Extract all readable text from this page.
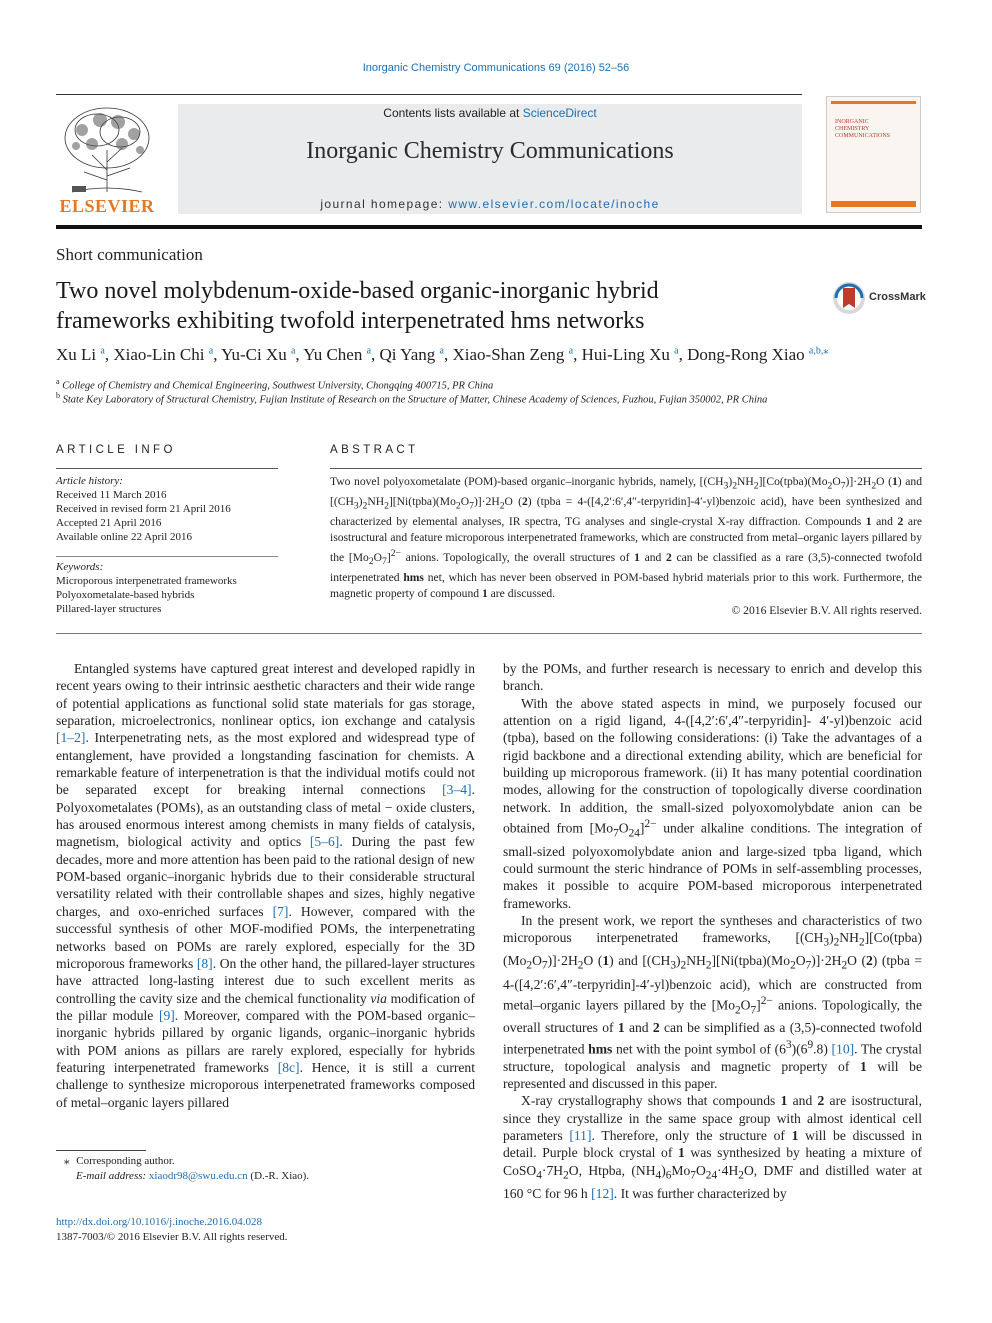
Inorganic Chemistry Communications 69 (2016) 52–56
ELSEVIER
Contents lists available at ScienceDirect
Inorganic Chemistry Communications
journal homepage: www.elsevier.com/locate/inoche
INORGANIC
CHEMISTRY
COMMUNICATIONS
Short communication
Two novel molybdenum-oxide-based organic-inorganic hybrid frameworks exhibiting twofold interpenetrated hms networks
CrossMark
Xu Li $^a$, Xiao-Lin Chi $^a$, Yu-Ci Xu $^a$, Yu Chen $^a$, Qi Yang $^a$, Xiao-Shan Zeng $^a$, Hui-Ling Xu $^a$, Dong-Rong Xiao $^{a,b,⁎}$
$^a$ College of Chemistry and Chemical Engineering, Southwest University, Chongqing 400715, PR China
$^b$ State Key Laboratory of Structural Chemistry, Fujian Institute of Research on the Structure of Matter, Chinese Academy of Sciences, Fuzhou, Fujian 350002, PR China
ARTICLE INFO
Article history:
Received 11 March 2016
Received in revised form 21 April 2016
Accepted 21 April 2016
Available online 22 April 2016
Keywords:
Microporous interpenetrated frameworks
Polyoxometalate-based hybrids
Pillared-layer structures
ABSTRACT
Two novel polyoxometalate (POM)-based organic–inorganic hybrids, namely, $[(CH_3)_2NH_2][Co(tpba)(Mo_2O_7)]\cdot 2H_2O$ (1) and $[(CH_3)_2NH_2][Ni(tpba)(Mo_2O_7)]\cdot 2H_2O$ (2) (tpba = 4-([4,2′:6′,4″-terpyridin]-4′-yl)benzoic acid), have been synthesized and characterized by elemental analyses, IR spectra, TG analyses and single-crystal X-ray diffraction. Compounds 1 and 2 are isostructural and feature microporous interpenetrated frameworks, which are constructed from metal–organic layers pillared by the $[Mo_2O_7]^{2-}$ anions. Topologically, the overall structures of 1 and 2 can be classified as a rare (3,5)-connected twofold interpenetrated hms net, which has never been observed in POM-based hybrid materials prior to this work. Furthermore, the magnetic property of compound 1 are discussed.
© 2016 Elsevier B.V. All rights reserved.

Entangled systems have captured great interest and developed rapidly in recent years owing to their intrinsic aesthetic characters and their wide range of potential applications as functional solid state materials for gas storage, separation, microelectronics, nonlinear optics, ion exchange and catalysis [1–2]. Interpenetrating nets, as the most explored and widespread type of entanglement, have provided a longstanding fascination for chemists. A remarkable feature of interpenetration is that the individual motifs could not be separated except for breaking internal connections [3–4]. Polyoxometalates (POMs), as an outstanding class of metal − oxide clusters, has aroused enormous interest among chemists in many fields of catalysis, magnetism, biological activity and optics [5–6]. During the past few decades, more and more attention has been paid to the rational design of new POM-based organic–inorganic hybrids due to their considerable structural versatility related with their controllable shapes and sizes, highly negative charges, and oxo-enriched surfaces [7]. However, compared with the successful synthesis of other MOF-modified POMs, the interpenetrating networks based on POMs are rarely explored, especially for the 3D microporous frameworks [8]. On the other hand, the pillared-layer structures have attracted long-lasting interest due to such excellent merits as controlling the cavity size and the chemical functionality via modification of the pillar module [9]. Moreover, compared with the POM-based organic–inorganic hybrids pillared by organic ligands, organic–inorganic hybrids with POM anions as pillars are rarely explored, especially for hybrids featuring interpenetrated frameworks [8c]. Hence, it is still a current challenge to synthesize microporous interpenetrated frameworks composed of metal–organic layers pillared

by the POMs, and further research is necessary to enrich and develop this branch.

With the above stated aspects in mind, we purposely focused our attention on a rigid ligand, 4-([4,2′:6′,4″-terpyridin]- 4′-yl)benzoic acid (tpba), based on the following considerations: (i) Take the advantages of a rigid backbone and a directional extending ability, which are beneficial for building up microporous framework. (ii) It has many potential coordination modes, allowing for the construction of topologically diverse coordination network. In addition, the small-sized polyoxomolybdate anion can be obtained from $[Mo_7O_{24}]^{2-}$ under alkaline conditions. The integration of small-sized polyoxomolybdate anion and large-sized tpba ligand, which could surmount the steric hindrance of POMs in self-assembling processes, makes it possible to acquire POM-based microporous interpenetrated frameworks.

In the present work, we report the syntheses and characteristics of two microporous interpenetrated frameworks, $[(CH_3)_2NH_2][Co(tpba)(Mo_2O_7)]\cdot 2H_2O$ (1) and $[(CH_3)_2NH_2][Ni(tpba)(Mo_2O_7)]\cdot 2H_2O$ (2) (tpba = 4-([4,2′:6′,4″-terpyridin]-4′-yl)benzoic acid), which are constructed from metal–organic layers pillared by the $[Mo_2O_7]^{2-}$ anions. Topologically, the overall structures of 1 and 2 can be simplified as a (3,5)-connected twofold interpenetrated hms net with the point symbol of $(6^3)(6^9.8)$ [10]. The crystal structure, topological analysis and magnetic property of 1 will be represented and discussed in this paper.

X-ray crystallography shows that compounds 1 and 2 are isostructural, since they crystallize in the same space group with almost identical cell parameters [11]. Therefore, only the structure of 1 will be discussed in detail. Purple block crystal of 1 was synthesized by heating a mixture of $CoSO_4\cdot 7H_2O$, Htpba, $(NH_4)_6Mo_7O_{24}\cdot 4H_2O$, DMF and distilled water at 160 °C for 96 h [12]. It was further characterized by

⁎ Corresponding author.
E-mail address: xiaodr98@swu.edu.cn (D.-R. Xiao).
http://dx.doi.org/10.1016/j.inoche.2016.04.028
1387-7003/© 2016 Elsevier B.V. All rights reserved.
